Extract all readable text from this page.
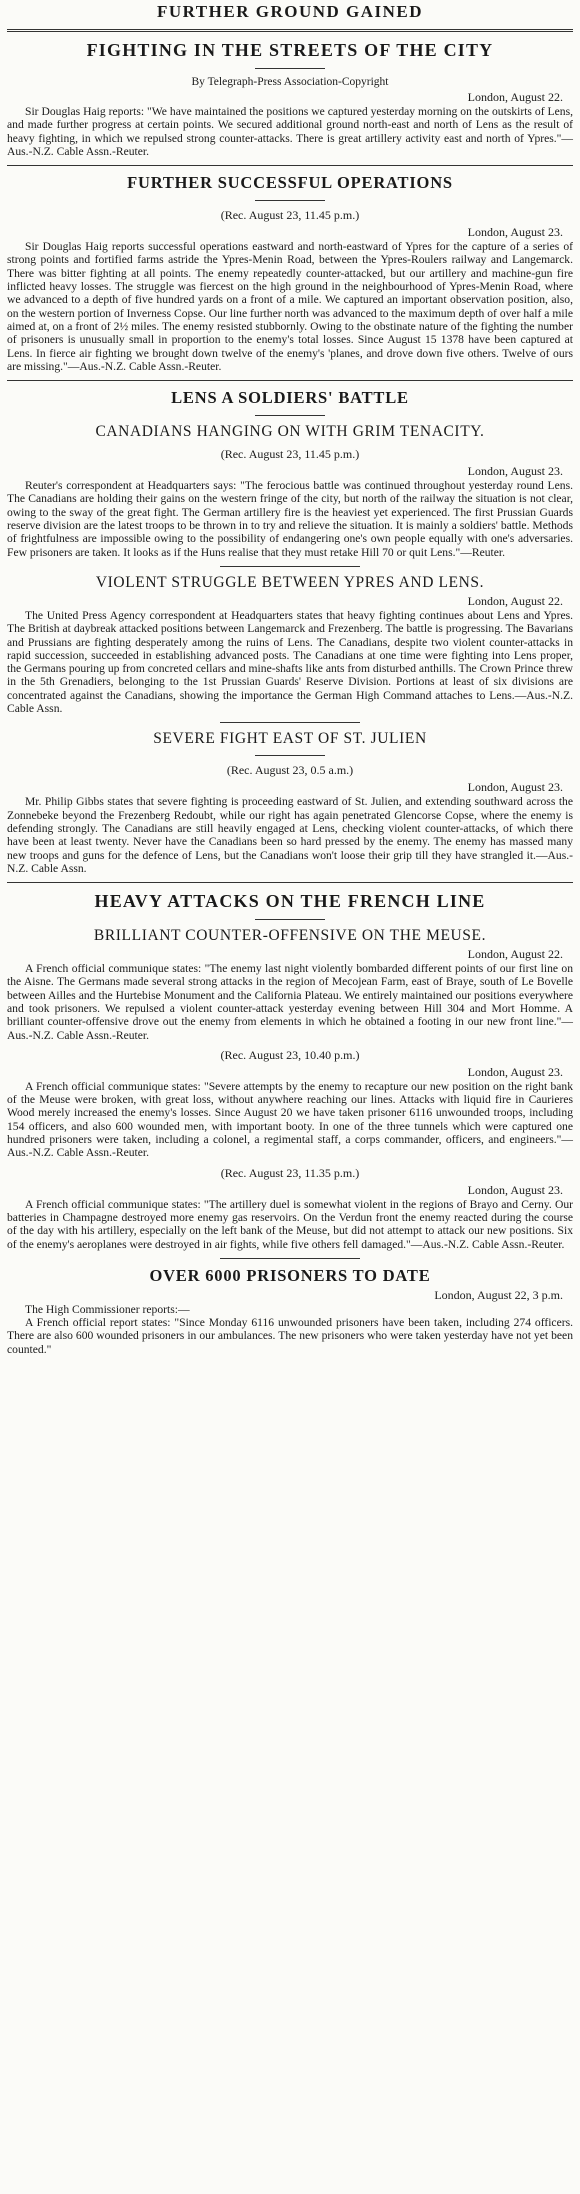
FURTHER GROUND GAINED
FIGHTING IN THE STREETS OF THE CITY
By Telegraph-Press Association-Copyright
London, August 22.

Sir Douglas Haig reports: "We have maintained the positions we captured yesterday morning on the outskirts of Lens, and made further progress at certain points. We secured additional ground north-east and north of Lens as the result of heavy fighting, in which we repulsed strong counter-attacks. There is great artillery activity east and north of Ypres."—Aus.-N.Z. Cable Assn.-Reuter.

FURTHER SUCCESSFUL OPERATIONS
(Rec. August 23, 11.45 p.m.)
London, August 23.

Sir Douglas Haig reports successful operations eastward and north-eastward of Ypres for the capture of a series of strong points and fortified farms astride the Ypres-Menin Road, between the Ypres-Roulers railway and Langemarck. There was bitter fighting at all points. The enemy repeatedly counter-attacked, but our artillery and machine-gun fire inflicted heavy losses. The struggle was fiercest on the high ground in the neighbourhood of Ypres-Menin Road, where we advanced to a depth of five hundred yards on a front of a mile. We captured an important observation position, also, on the western portion of Inverness Copse. Our line further north was advanced to the maximum depth of over half a mile aimed at, on a front of 2½ miles. The enemy resisted stubbornly. Owing to the obstinate nature of the fighting the number of prisoners is unusually small in proportion to the enemy's total losses. Since August 15 1378 have been captured at Lens. In fierce air fighting we brought down twelve of the enemy's 'planes, and drove down five others. Twelve of ours are missing."—Aus.-N.Z. Cable Assn.-Reuter.

LENS A SOLDIERS' BATTLE
CANADIANS HANGING ON WITH GRIM TENACITY.
(Rec. August 23, 11.45 p.m.)
London, August 23.

Reuter's correspondent at Headquarters says: "The ferocious battle was continued throughout yesterday round Lens. The Canadians are holding their gains on the western fringe of the city, but north of the railway the situation is not clear, owing to the sway of the great fight. The German artillery fire is the heaviest yet experienced. The first Prussian Guards reserve division are the latest troops to be thrown in to try and relieve the situation. It is mainly a soldiers' battle. Methods of frightfulness are impossible owing to the possibility of endangering one's own people equally with one's adversaries. Few prisoners are taken. It looks as if the Huns realise that they must retake Hill 70 or quit Lens."—Reuter.

VIOLENT STRUGGLE BETWEEN YPRES AND LENS.
London, August 22.

The United Press Agency correspondent at Headquarters states that heavy fighting continues about Lens and Ypres. The British at daybreak attacked positions between Langemarck and Frezenberg. The battle is progressing. The Bavarians and Prussians are fighting desperately among the ruins of Lens. The Canadians, despite two violent counter-attacks in rapid succession, succeeded in establishing advanced posts. The Canadians at one time were fighting into Lens proper, the Germans pouring up from concreted cellars and mine-shafts like ants from disturbed anthills. The Crown Prince threw in the 5th Grenadiers, belonging to the 1st Prussian Guards' Reserve Division. Portions at least of six divisions are concentrated against the Canadians, showing the importance the German High Command attaches to Lens.—Aus.-N.Z. Cable Assn.

SEVERE FIGHT EAST OF ST. JULIEN
(Rec. August 23, 0.5 a.m.)
London, August 23.

Mr. Philip Gibbs states that severe fighting is proceeding eastward of St. Julien, and extending southward across the Zonnebeke beyond the Frezenberg Redoubt, while our right has again penetrated Glencorse Copse, where the enemy is defending strongly. The Canadians are still heavily engaged at Lens, checking violent counter-attacks, of which there have been at least twenty. Never have the Canadians been so hard pressed by the enemy. The enemy has massed many new troops and guns for the defence of Lens, but the Canadians won't loose their grip till they have strangled it.—Aus.-N.Z. Cable Assn.

HEAVY ATTACKS ON THE FRENCH LINE
BRILLIANT COUNTER-OFFENSIVE ON THE MEUSE.
London, August 22.

A French official communique states: "The enemy last night violently bombarded different points of our first line on the Aisne. The Germans made several strong attacks in the region of Mecojean Farm, east of Braye, south of Le Bovelle between Ailles and the Hurtebise Monument and the California Plateau. We entirely maintained our positions everywhere and took prisoners. We repulsed a violent counter-attack yesterday evening between Hill 304 and Mort Homme. A brilliant counter-offensive drove out the enemy from elements in which he obtained a footing in our new front line."—Aus.-N.Z. Cable Assn.-Reuter.

(Rec. August 23, 10.40 p.m.)
London, August 23.

A French official communique states: "Severe attempts by the enemy to recapture our new position on the right bank of the Meuse were broken, with great loss, without anywhere reaching our lines. Attacks with liquid fire in Caurieres Wood merely increased the enemy's losses. Since August 20 we have taken prisoner 6116 unwounded troops, including 154 officers, and also 600 wounded men, with important booty. In one of the three tunnels which were captured one hundred prisoners were taken, including a colonel, a regimental staff, a corps commander, officers, and engineers."—Aus.-N.Z. Cable Assn.-Reuter.

(Rec. August 23, 11.35 p.m.)
London, August 23.

A French official communique states: "The artillery duel is somewhat violent in the regions of Brayo and Cerny. Our batteries in Champagne destroyed more enemy gas reservoirs. On the Verdun front the enemy reacted during the course of the day with his artillery, especially on the left bank of the Meuse, but did not attempt to attack our new positions. Six of the enemy's aeroplanes were destroyed in air fights, while five others fell damaged."—Aus.-N.Z. Cable Assn.-Reuter.

OVER 6000 PRISONERS TO DATE
London, August 22, 3 p.m.

The High Commissioner reports:—

A French official report states: "Since Monday 6116 unwounded prisoners have been taken, including 274 officers. There are also 600 wounded prisoners in our ambulances. The new prisoners who were taken yesterday have not yet been counted."
